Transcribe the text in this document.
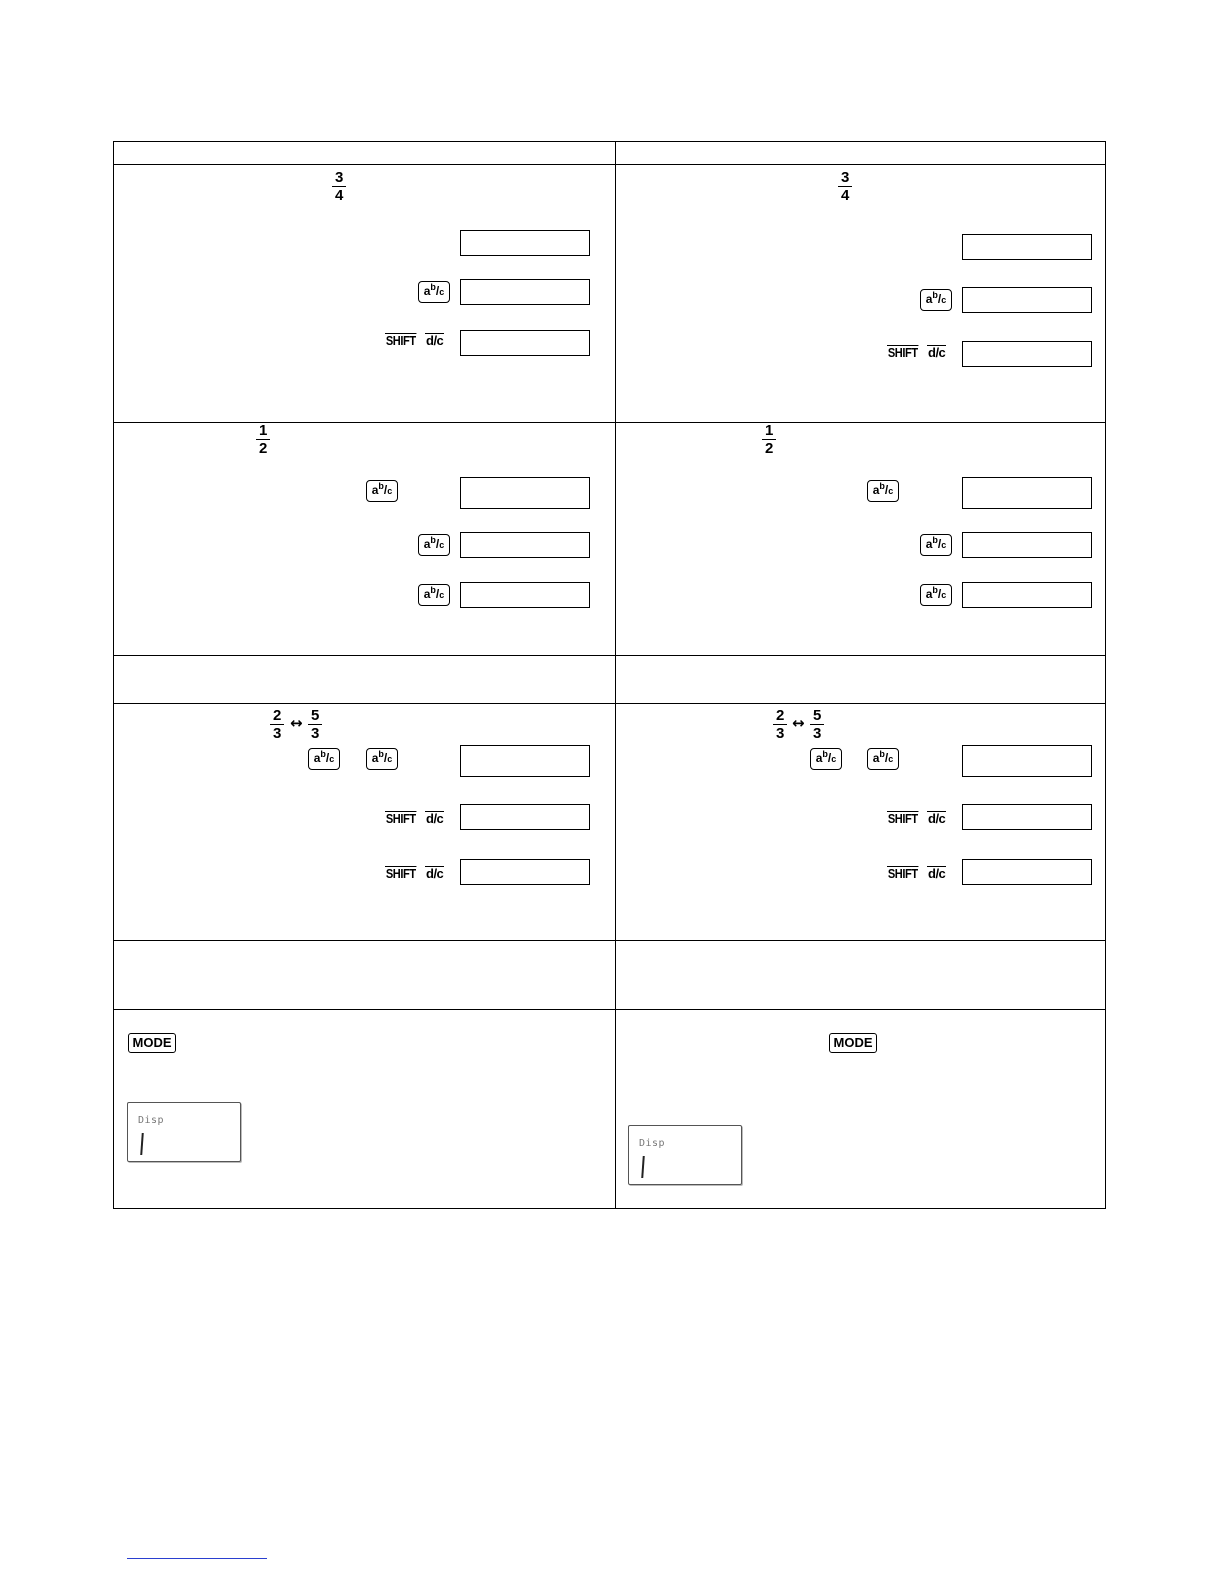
$\frac{3}{4}$
$a^b/c$
SHIFT d/c
$\frac{1}{2}$
$a^b/c$
$a^b/c$
$a^b/c$
$\frac{2}{3}$ ↔ $\frac{5}{3}$
$a^b/c$	$a^b/c$
SHIFT d/c
SHIFT d/c
MODE
Disp
$\frac{3}{4}$
$a^b/c$
SHIFT d/c
$\frac{1}{2}$
$a^b/c$
$a^b/c$
$a^b/c$
$\frac{2}{3}$ ↔ $\frac{5}{3}$
$a^b/c$	$a^b/c$
SHIFT d/c
SHIFT d/c
MODE
Disp
